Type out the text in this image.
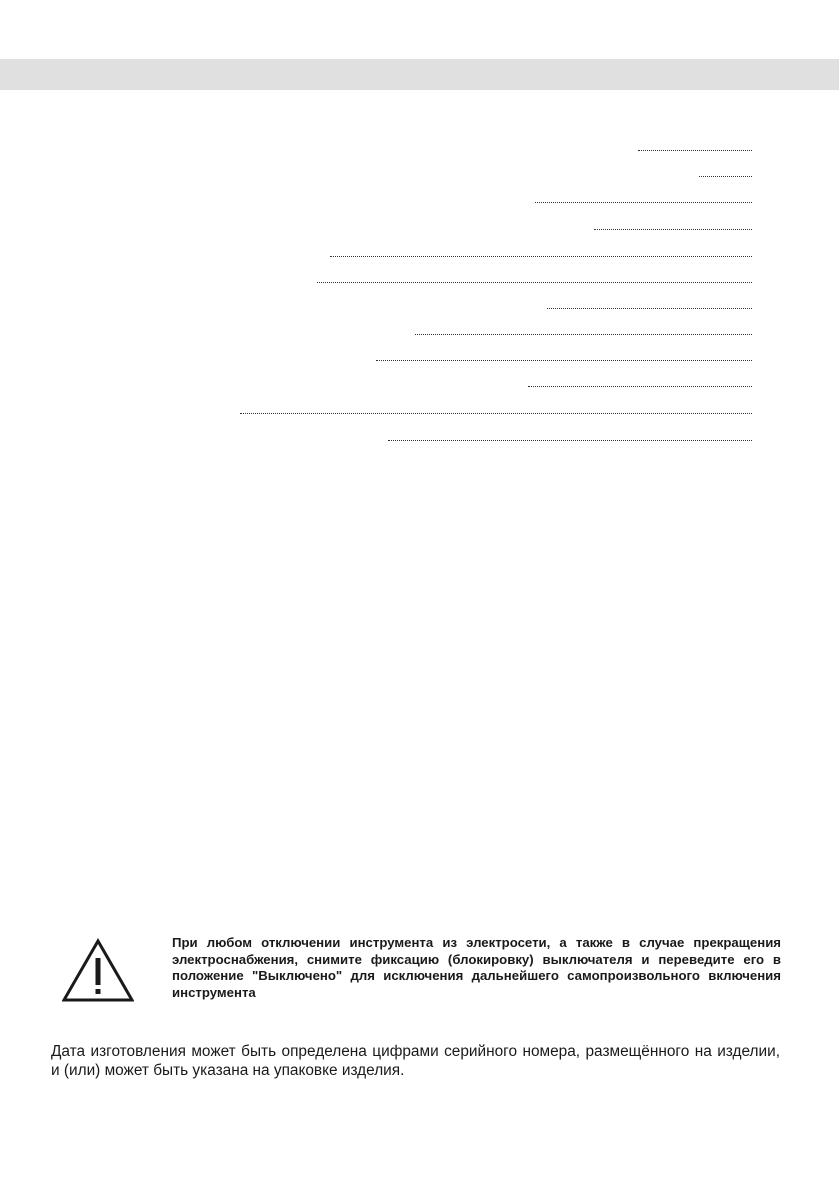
При любом отключении инструмента из электросети, а также в случае прекращения электроснабжения, снимите фиксацию (блокировку) выключателя и переведите его в положение "Выключено" для исключения дальнейшего самопроизвольного включения инструмента

Дата изготовления может быть определена цифрами серийного номера, размещённого на изделии, и (или) может быть указана на упаковке изделия.
